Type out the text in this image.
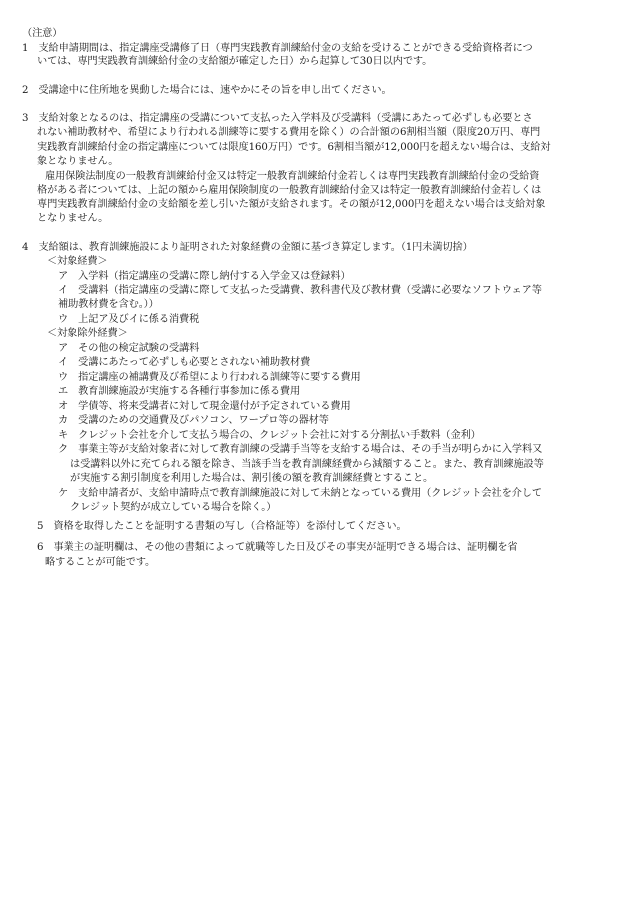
（注意）
1　支給申請期間は、指定講座受講修了日（専門実践教育訓練給付金の支給を受けることができる受給資格者につ
いては、専門実践教育訓練給付金の支給額が確定した日）から起算して30日以内です。
2　受講途中に住所地を異動した場合には、速やかにその旨を申し出てください。
3　支給対象となるのは、指定講座の受講について支払った入学料及び受講料（受講にあたって必ずしも必要とさ
れない補助教材や、希望により行われる訓練等に要する費用を除く）の合計額の6割相当額（限度20万円、専門
実践教育訓練給付金の指定講座については限度160万円）です。6割相当額が12,000円を超えない場合は、支給対
象となりません。
雇用保険法制度の一般教育訓練給付金又は特定一般教育訓練給付金若しくは専門実践教育訓練給付金の受給資
格がある者については、上記の額から雇用保険制度の一般教育訓練給付金又は特定一般教育訓練給付金若しくは
専門実践教育訓練給付金の支給額を差し引いた額が支給されます。その額が12,000円を超えない場合は支給対象
となりません。
4　支給額は、教育訓練施設により証明された対象経費の金額に基づき算定します。（1円未満切捨）
＜対象経費＞
ア　入学料（指定講座の受講に際し納付する入学金又は登録料）
イ　受講料（指定講座の受講に際して支払った受講費、教科書代及び教材費（受講に必要なソフトウェア等
補助教材費を含む。））
ウ　上記ア及びイに係る消費税
＜対象除外経費＞
ア　その他の検定試験の受講料
イ　受講にあたって必ずしも必要とされない補助教材費
ウ　指定講座の補講費及び希望により行われる訓練等に要する費用
エ　教育訓練施設が実施する各種行事参加に係る費用
オ　学債等、将来受講者に対して現金還付が予定されている費用
カ　受講のための交通費及びパソコン、ワープロ等の器材等
キ　クレジット会社を介して支払う場合の、クレジット会社に対する分割払い手数料（金利）
ク　事業主等が支給対象者に対して教育訓練の受講手当等を支給する場合は、その手当が明らかに入学料又
は受講料以外に充てられる額を除き、当該手当を教育訓練経費から減額すること。また、教育訓練施設等
が実施する割引制度を利用した場合は、割引後の額を教育訓練経費とすること。
ケ　支給申請者が、支給申請時点で教育訓練施設に対して未納となっている費用（クレジット会社を介して
クレジット契約が成立している場合を除く。）
5　資格を取得したことを証明する書類の写し（合格証等）を添付してください。
6　事業主の証明欄は、その他の書類によって就職等した日及びその事実が証明できる場合は、証明欄を省
略することが可能です。
